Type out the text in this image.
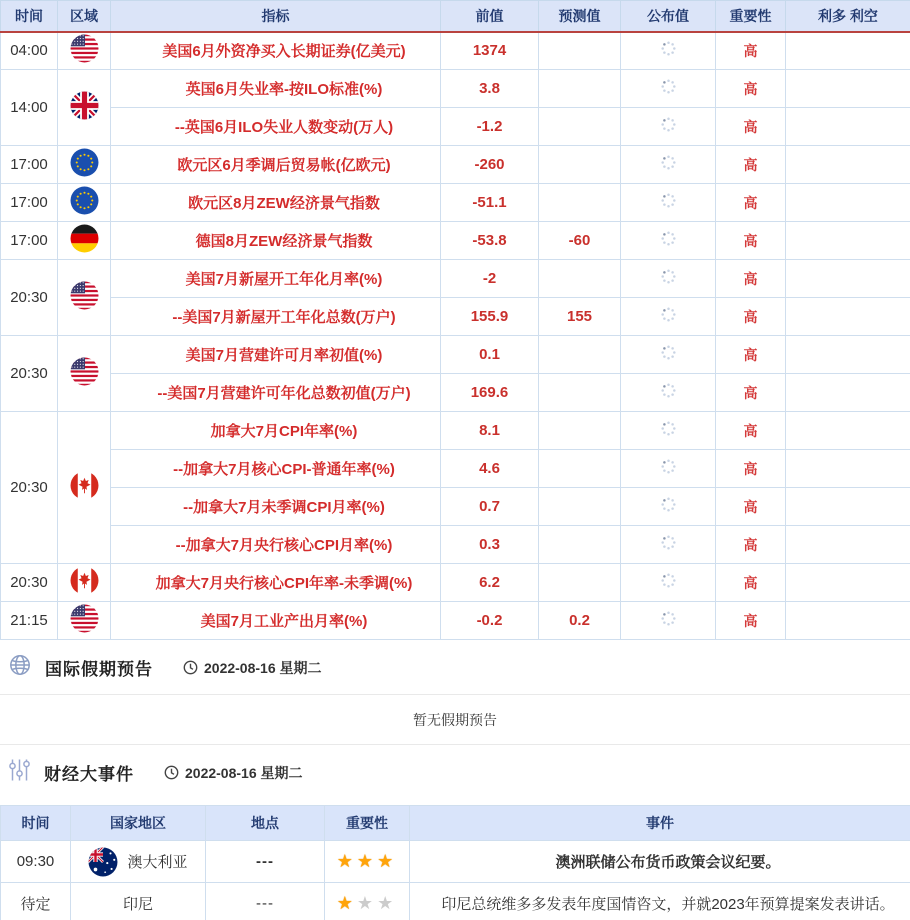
时间	区域	指标	前值	预测值	公布值	重要性	利多 利空
04:00		美国6月外资净买入长期证券(亿美元)	1374			高	
14:00		英国6月失业率-按ILO标准(%)	3.8			高	
		--英国6月ILO失业人数变动(万人)	-1.2			高	
17:00		欧元区6月季调后贸易帐(亿欧元)	-260			高	
17:00		欧元区8月ZEW经济景气指数	-51.1			高	
17:00		德国8月ZEW经济景气指数	-53.8	-60		高	
20:30		美国7月新屋开工年化月率(%)	-2			高	
		--美国7月新屋开工年化总数(万户)	155.9	155		高	
20:30		美国7月营建许可月率初值(%)	0.1			高	
		--美国7月营建许可年化总数初值(万户)	169.6			高	
20:30		加拿大7月CPI年率(%)	8.1			高	
		--加拿大7月核心CPI-普通年率(%)	4.6			高	
		--加拿大7月未季调CPI月率(%)	0.7			高	
		--加拿大7月央行核心CPI月率(%)	0.3			高	
20:30		加拿大7月央行核心CPI年率-未季调(%)	6.2			高	
21:15		美国7月工业产出月率(%)	-0.2	0.2		高	
国际假期预告	2022-08-16 星期二
暂无假期预告
财经大事件	2022-08-16 星期二
时间	国家地区	地点	重要性	事件
09:30	澳大利亚	---	★★★	澳洲联储公布货币政策会议纪要。
待定	印尼	---	★★★	印尼总统维多多发表年度国情咨文，并就2023年预算提案发表讲话。
